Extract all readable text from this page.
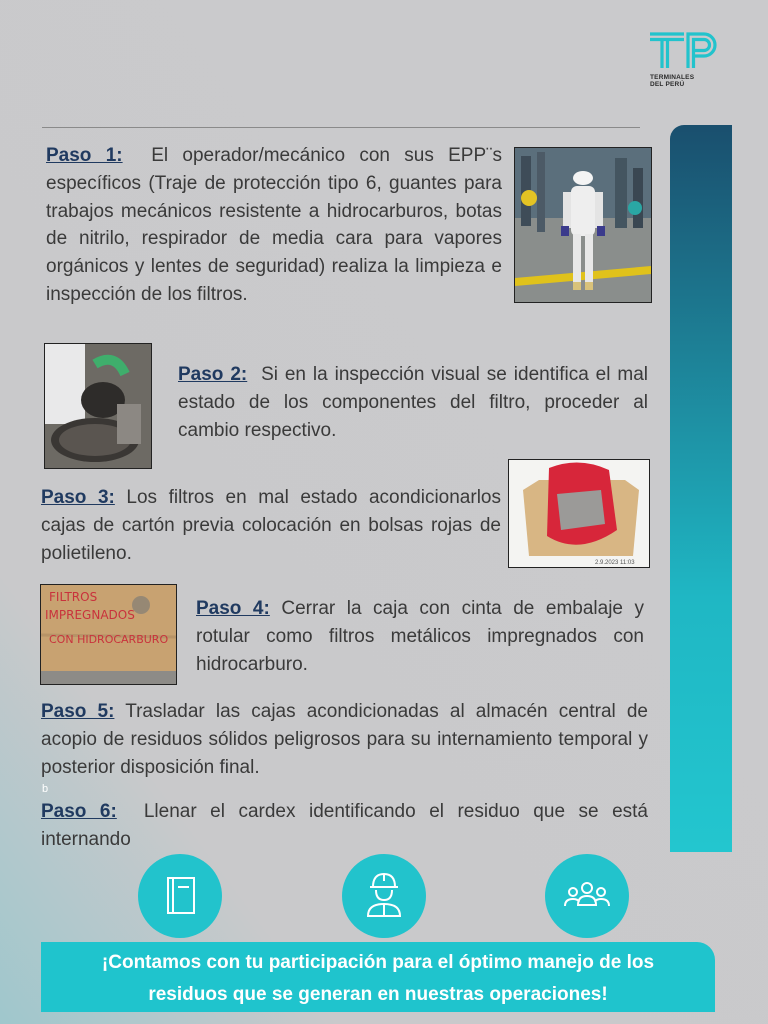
TERMINALES
DEL PERÚ
Paso 1: El operador/mecánico con sus EPP¨s específicos (Traje de protección tipo 6, guantes para trabajos mecánicos resistente a hidrocarburos, botas de nitrilo, respirador de media cara para vapores orgánicos y lentes de seguridad) realiza la limpieza e inspección de los filtros.
Paso 2: Si en la inspección visual se identifica el mal estado de los componentes del filtro, proceder al cambio respectivo.
Paso 3: Los filtros en mal estado acondicionarlos cajas de cartón previa colocación en bolsas rojas de polietileno.	2.9.2023 11:03
FILTROS
IMPREGNADOS
CON HIDROCARBURO
Paso 4: Cerrar la caja con cinta de embalaje y rotular como filtros metálicos impregnados con hidrocarburo.
Paso 5: Trasladar las cajas acondicionadas al almacén central de acopio de residuos sólidos peligrosos para su internamiento temporal y posterior disposición final.
b
Paso 6: Llenar el cardex identificando el residuo que se está internando

¡Contamos con tu participación para el óptimo manejo de los
residuos que se generan en nuestras operaciones!
